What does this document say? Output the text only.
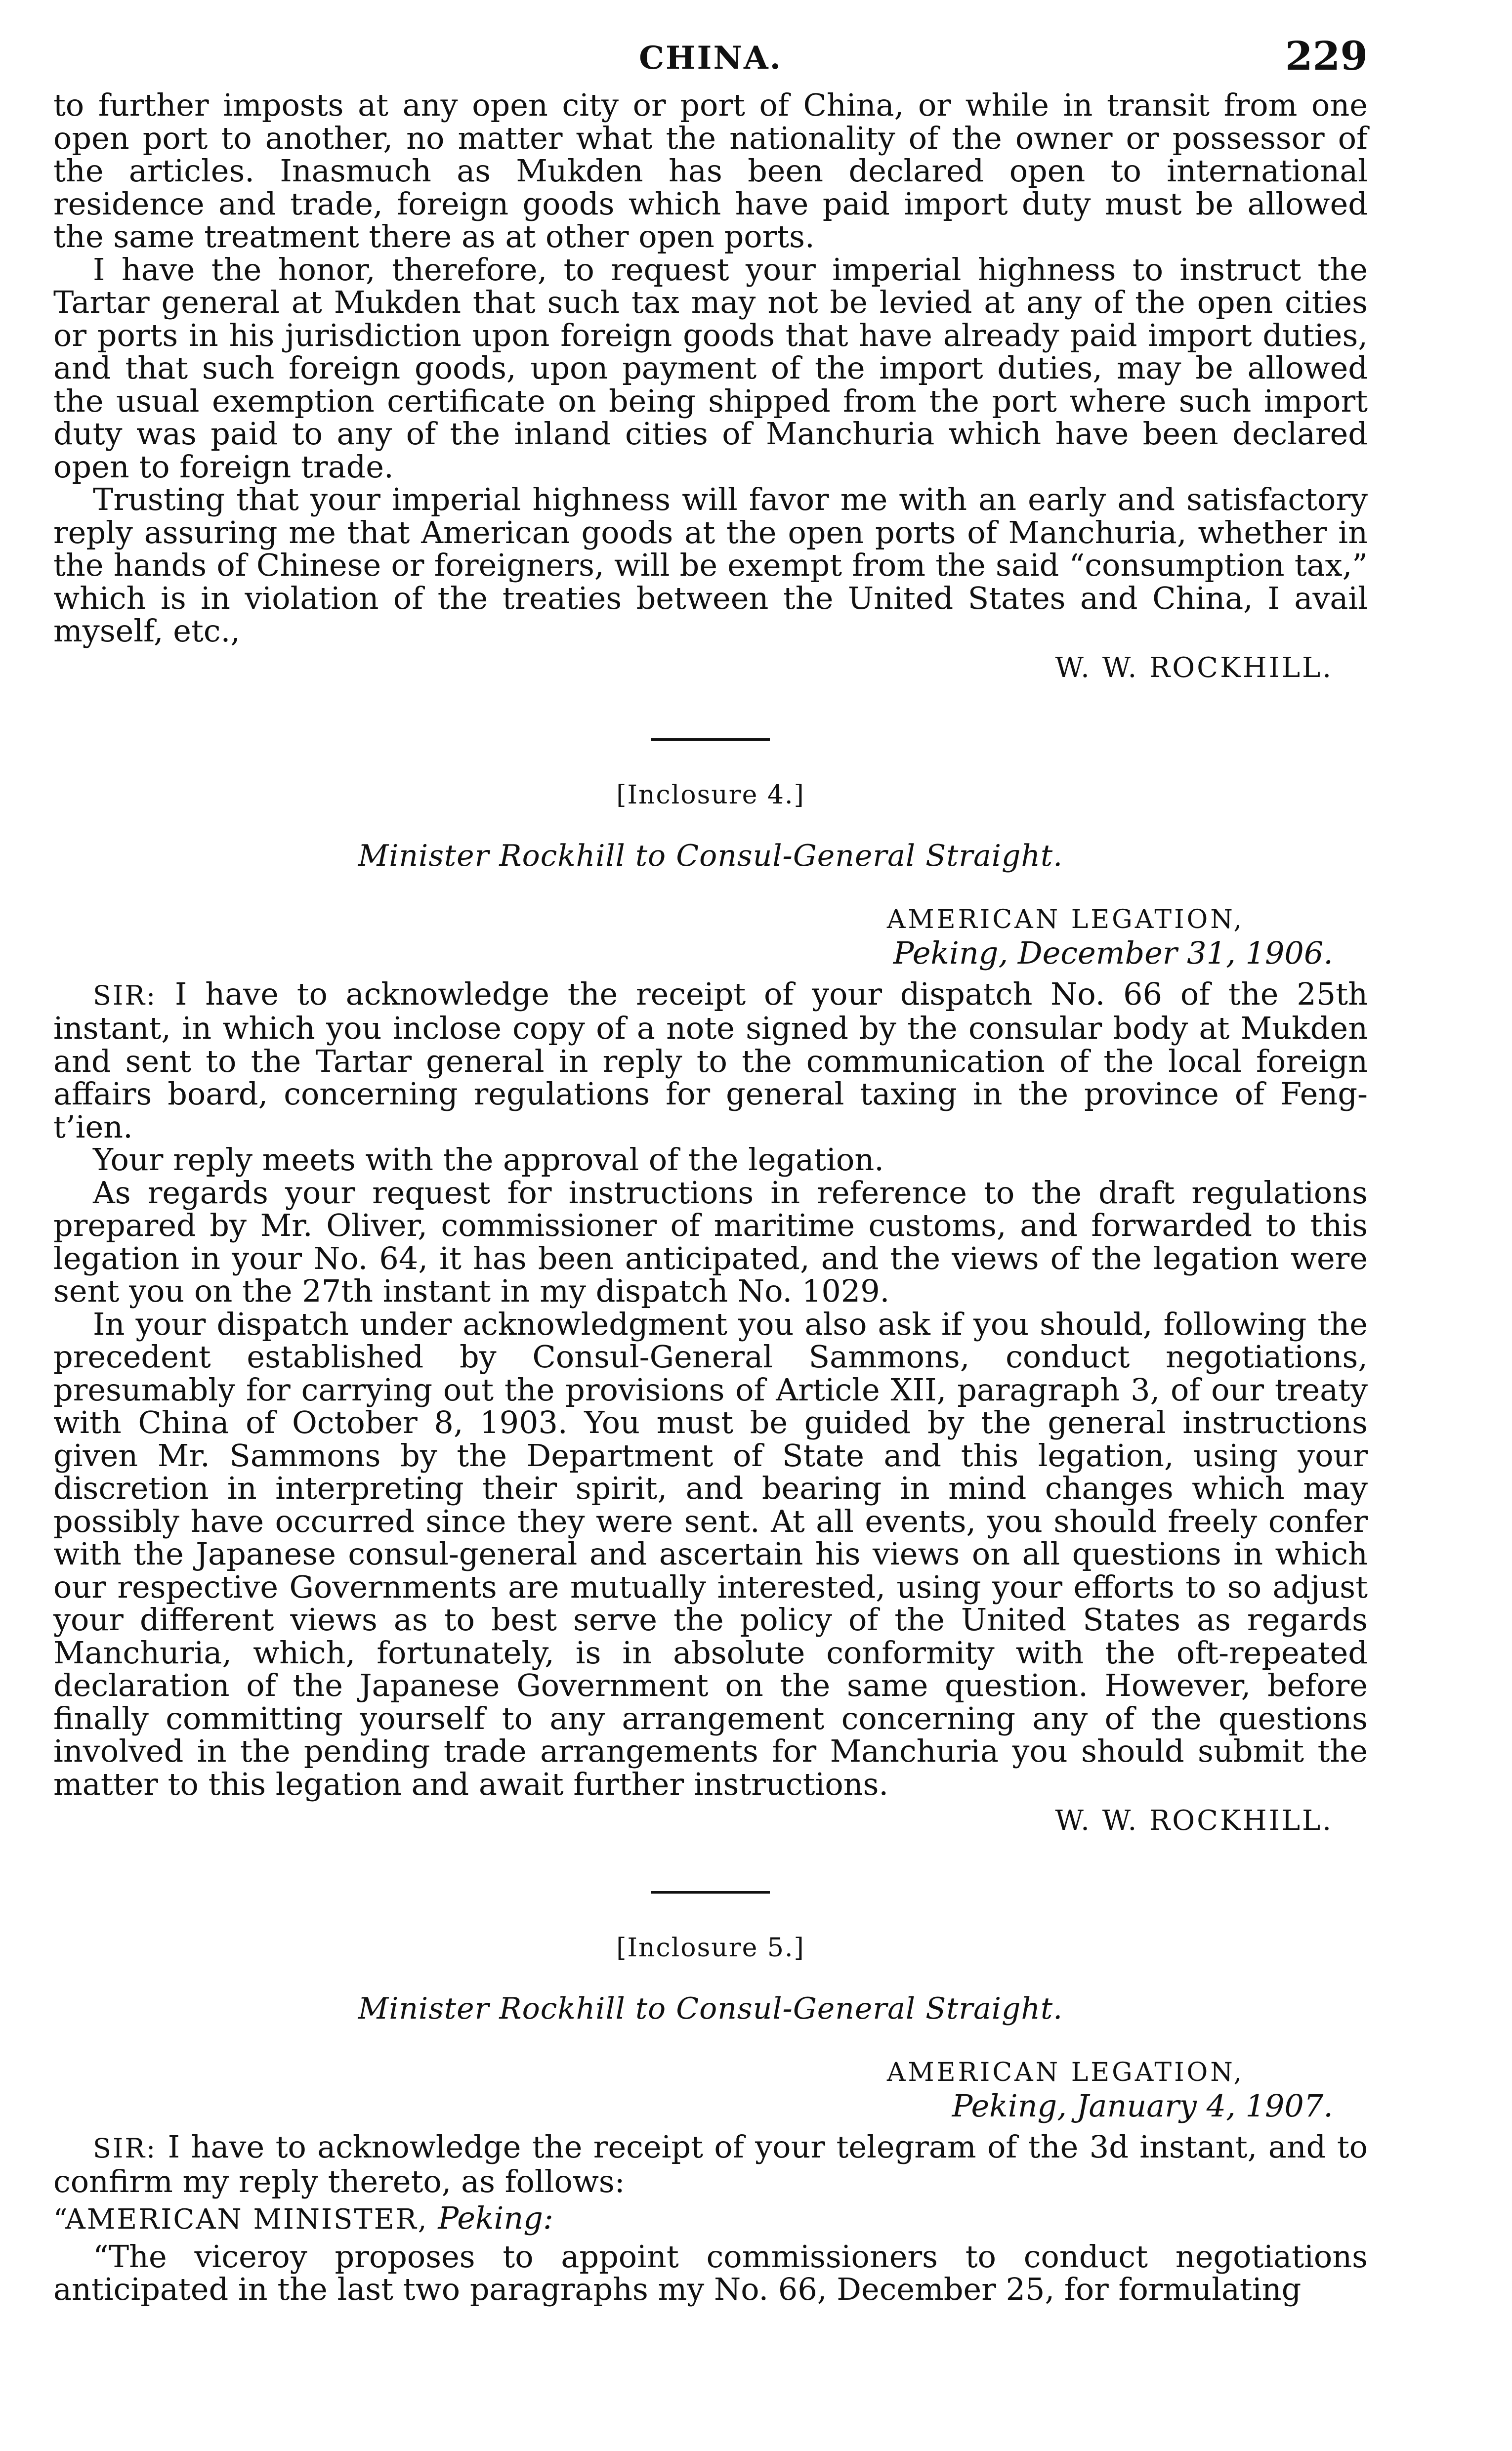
CHINA.	229

to further imposts at any open city or port of China, or while in transit from one open port to another, no matter what the nationality of the owner or possessor of the articles. Inasmuch as Mukden has been declared open to international residence and trade, foreign goods which have paid import duty must be allowed the same treatment there as at other open ports.

I have the honor, therefore, to request your imperial highness to instruct the Tartar general at Mukden that such tax may not be levied at any of the open cities or ports in his jurisdiction upon foreign goods that have already paid import duties, and that such foreign goods, upon payment of the import duties, may be allowed the usual exemption certificate on being shipped from the port where such import duty was paid to any of the inland cities of Manchuria which have been declared open to foreign trade.

Trusting that your imperial highness will favor me with an early and satisfactory reply assuring me that American goods at the open ports of Manchuria, whether in the hands of Chinese or foreigners, will be exempt from the said “consumption tax,” which is in violation of the treaties between the United States and China, I avail myself, etc.,

W. W. ROCKHILL.
[Inclosure 4.]
Minister Rockhill to Consul-General Straight.
AMERICAN LEGATION,
Peking, December 31, 1906.

SIR: I have to acknowledge the receipt of your dispatch No. 66 of the 25th instant, in which you inclose copy of a note signed by the consular body at Mukden and sent to the Tartar general in reply to the communication of the local foreign affairs board, concerning regulations for general taxing in the province of Feng-t’ien.

Your reply meets with the approval of the legation.

As regards your request for instructions in reference to the draft regulations prepared by Mr. Oliver, commissioner of maritime customs, and forwarded to this legation in your No. 64, it has been anticipated, and the views of the legation were sent you on the 27th instant in my dispatch No. 1029.

In your dispatch under acknowledgment you also ask if you should, following the precedent established by Consul-General Sammons, conduct negotiations, presumably for carrying out the provisions of Article XII, paragraph 3, of our treaty with China of October 8, 1903. You must be guided by the general instructions given Mr. Sammons by the Department of State and this legation, using your discretion in interpreting their spirit, and bearing in mind changes which may possibly have occurred since they were sent. At all events, you should freely confer with the Japanese consul-general and ascertain his views on all questions in which our respective Governments are mutually interested, using your efforts to so adjust your different views as to best serve the policy of the United States as regards Manchuria, which, fortunately, is in absolute conformity with the oft-repeated declaration of the Japanese Government on the same question. However, before finally committing yourself to any arrangement concerning any of the questions involved in the pending trade arrangements for Manchuria you should submit the matter to this legation and await further instructions.

W. W. ROCKHILL.
[Inclosure 5.]
Minister Rockhill to Consul-General Straight.
AMERICAN LEGATION,
Peking, January 4, 1907.

SIR: I have to acknowledge the receipt of your telegram of the 3d instant, and to confirm my reply thereto, as follows:

“AMERICAN MINISTER, Peking:

“The viceroy proposes to appoint commissioners to conduct negotiations anticipated in the last two paragraphs my No. 66, December 25, for formulating
